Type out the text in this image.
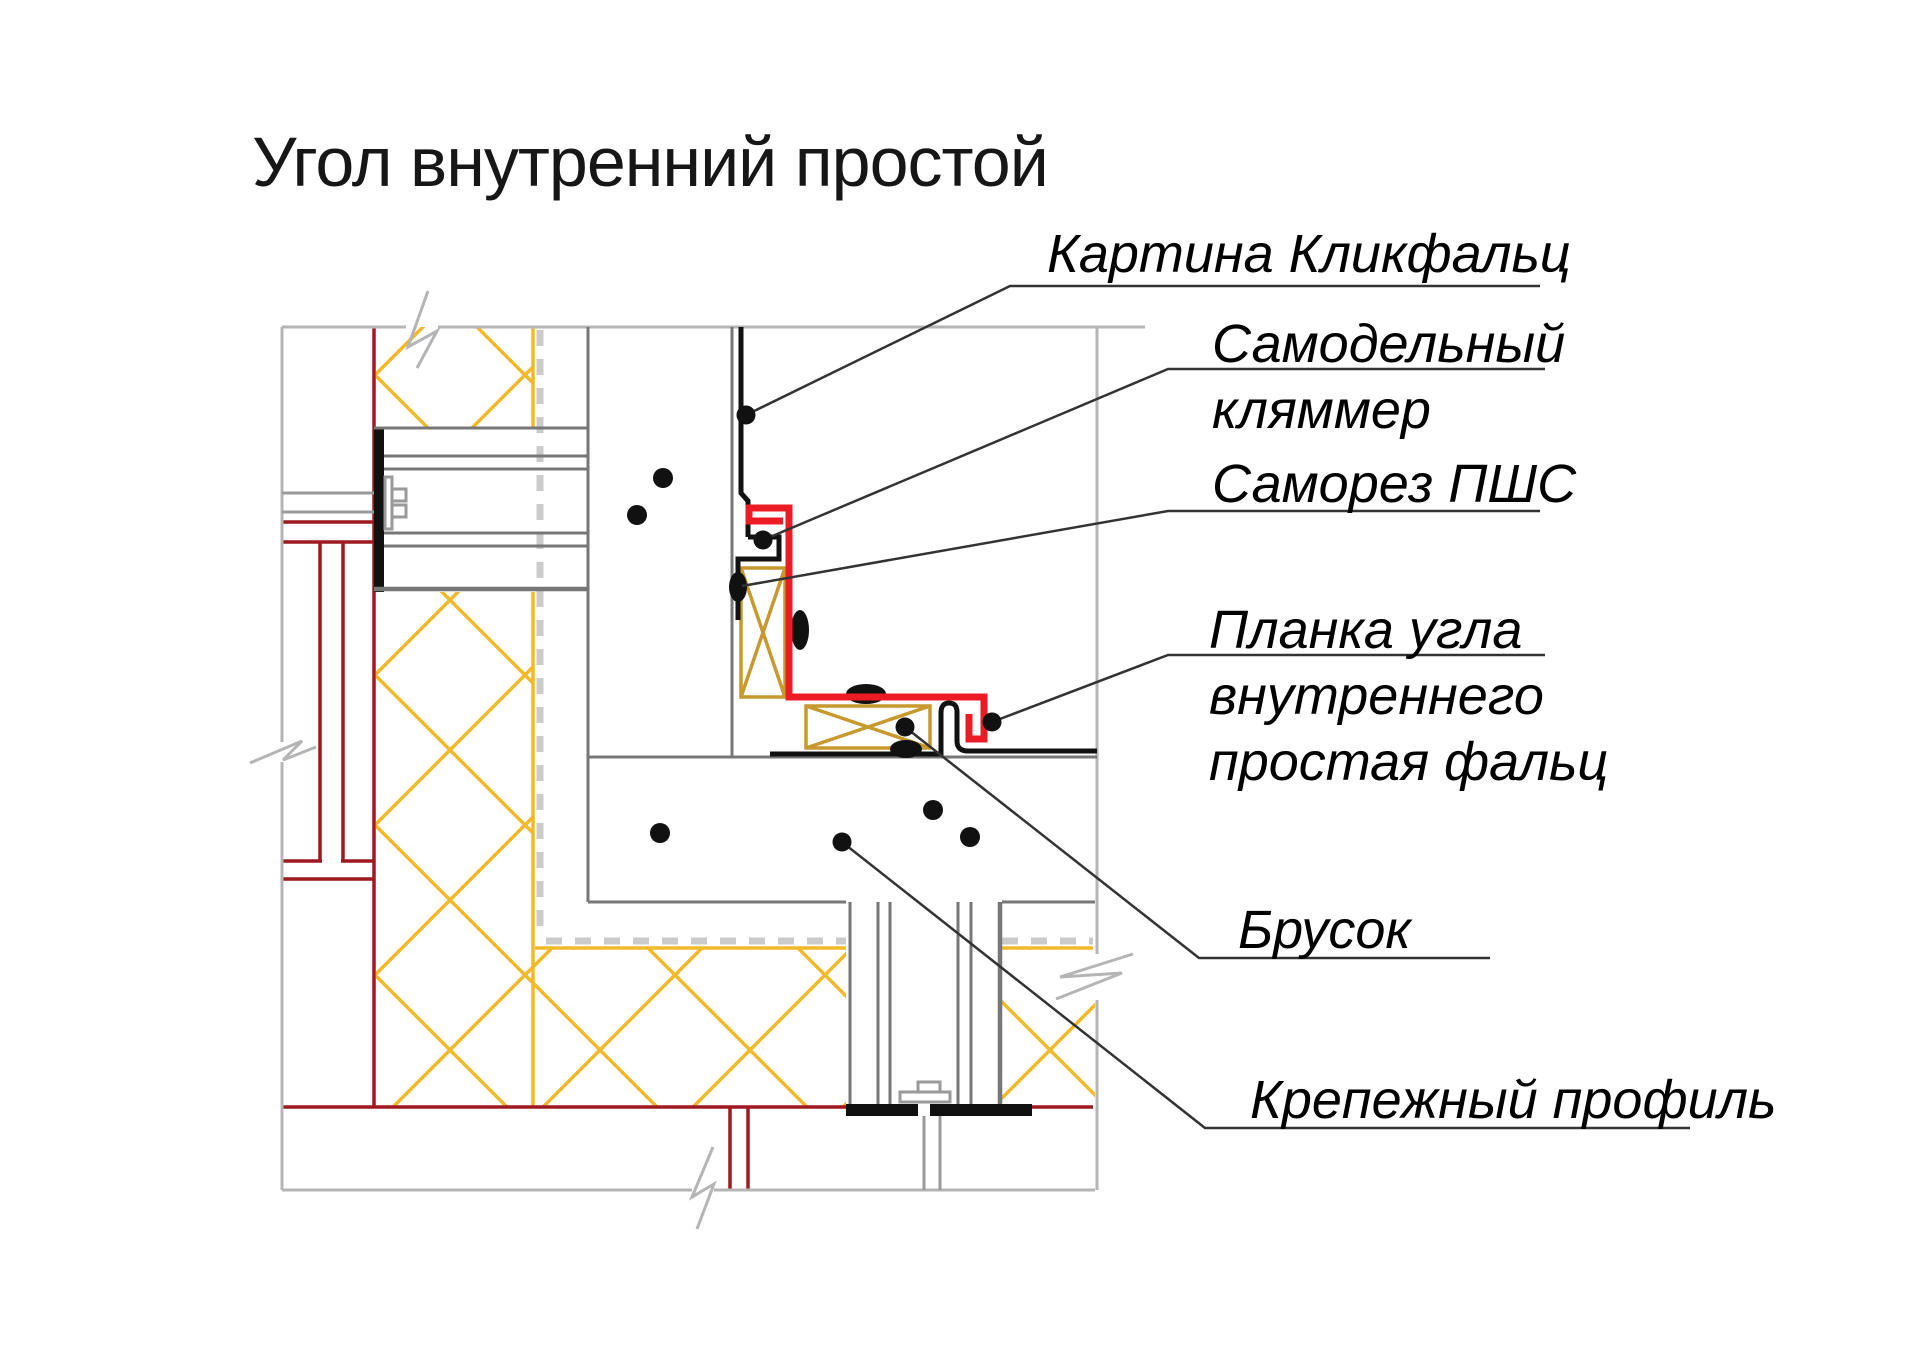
Угол внутренний простой
Картина Кликфальц
Самодельный
кляммер
Саморез ПШС
Планка угла
внутреннего
простая фальц
Брусок
Крепежный профиль
